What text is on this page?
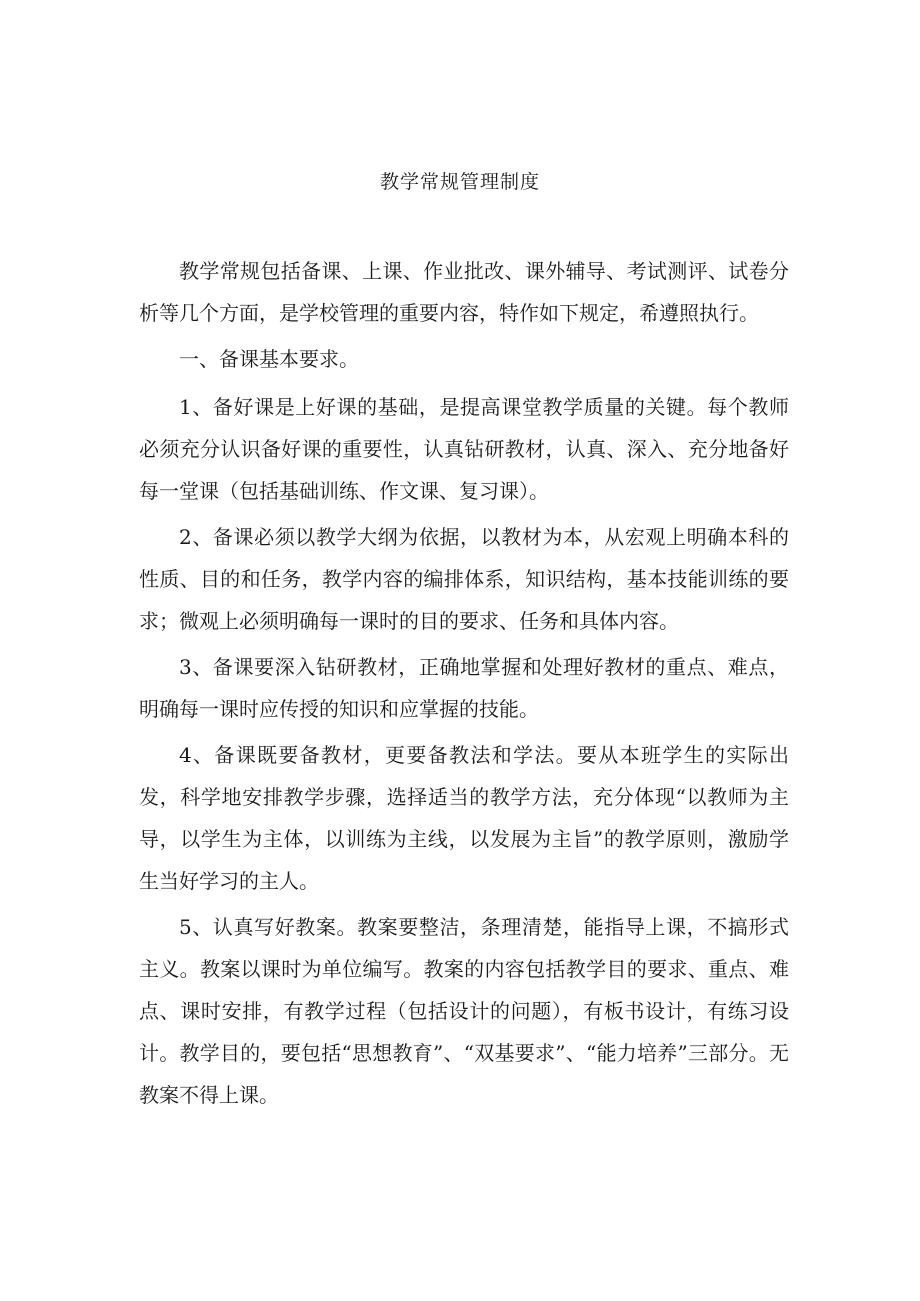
教学常规管理制度

教学常规包括备课、上课、作业批改、课外辅导、考试测评、试卷分析等几个方面，是学校管理的重要内容，特作如下规定，希遵照执行。

一、备课基本要求。

1、备好课是上好课的基础，是提高课堂教学质量的关键。每个教师必须充分认识备好课的重要性，认真钻研教材，认真、深入、充分地备好每一堂课（包括基础训练、作文课、复习课）。

2、备课必须以教学大纲为依据，以教材为本，从宏观上明确本科的性质、目的和任务，教学内容的编排体系，知识结构，基本技能训练的要求；微观上必须明确每一课时的目的要求、任务和具体内容。

3、备课要深入钻研教材，正确地掌握和处理好教材的重点、难点，明确每一课时应传授的知识和应掌握的技能。

4、备课既要备教材，更要备教法和学法。要从本班学生的实际出发，科学地安排教学步骤，选择适当的教学方法，充分体现“以教师为主导，以学生为主体，以训练为主线，以发展为主旨”的教学原则，激励学生当好学习的主人。

5、认真写好教案。教案要整洁，条理清楚，能指导上课，不搞形式主义。教案以课时为单位编写。教案的内容包括教学目的要求、重点、难点、课时安排，有教学过程（包括设计的问题），有板书设计，有练习设计。教学目的，要包括“思想教育”、“双基要求”、“能力培养”三部分。无教案不得上课。
